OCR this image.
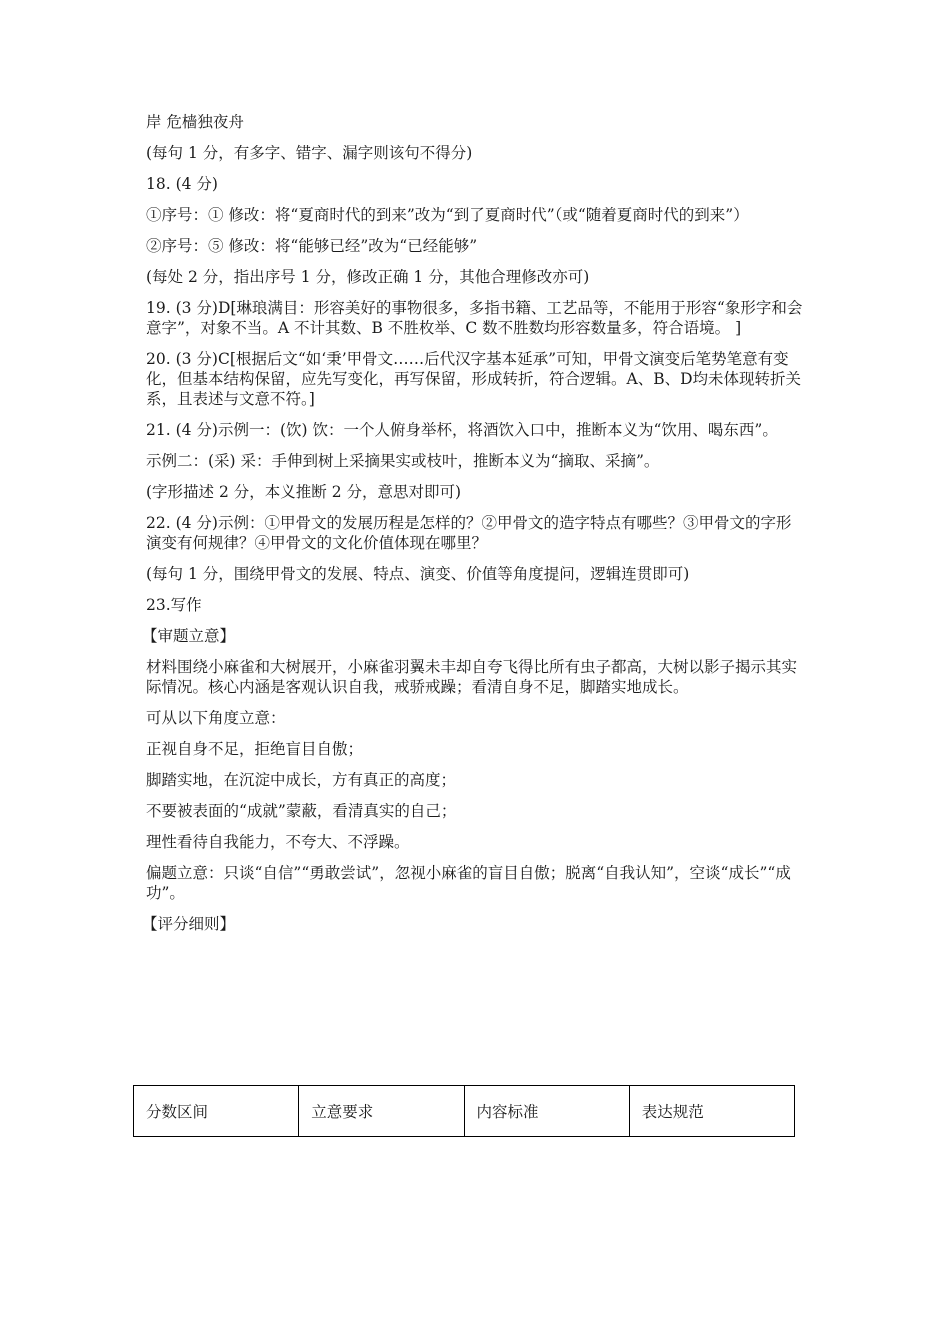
岸 危樯独夜舟

(每句 1 分，有多字、错字、漏字则该句不得分)

18. (4 分)

①序号：① 修改：将“夏商时代的到来”改为“到了夏商时代”（或“随着夏商时代的到来”）

②序号：⑤ 修改：将“能够已经”改为“已经能够”

(每处 2 分，指出序号 1 分，修改正确 1 分，其他合理修改亦可)

19. (3 分)D[琳琅满目：形容美好的事物很多，多指书籍、工艺品等，不能用于形容“象形字和会意字”，对象不当。A 不计其数、B 不胜枚举、C 数不胜数均形容数量多，符合语境。 ]

20. (3 分)C[根据后文“如‘秉’甲骨文……后代汉字基本延承”可知，甲骨文演变后笔势笔意有变化，但基本结构保留，应先写变化，再写保留，形成转折，符合逻辑。A、B、D均未体现转折关系，且表述与文意不符。]

21. (4 分)示例一：(饮) 饮：一个人俯身举杯，将酒饮入口中，推断本义为“饮用、喝东西”。

示例二：(采) 采：手伸到树上采摘果实或枝叶，推断本义为“摘取、采摘”。

(字形描述 2 分，本义推断 2 分，意思对即可)

22. (4 分)示例：①甲骨文的发展历程是怎样的？②甲骨文的造字特点有哪些？③甲骨文的字形演变有何规律？④甲骨文的文化价值体现在哪里？

(每句 1 分，围绕甲骨文的发展、特点、演变、价值等角度提问，逻辑连贯即可)

23.写作

【审题立意】

材料围绕小麻雀和大树展开，小麻雀羽翼未丰却自夸飞得比所有虫子都高，大树以影子揭示其实际情况。核心内涵是客观认识自我，戒骄戒躁；看清自身不足，脚踏实地成长。

可从以下角度立意：

正视自身不足，拒绝盲目自傲；

脚踏实地，在沉淀中成长，方有真正的高度；

不要被表面的“成就”蒙蔽，看清真实的自己；

理性看待自我能力，不夸大、不浮躁。

偏题立意：只谈“自信”“勇敢尝试”，忽视小麻雀的盲目自傲；脱离“自我认知”，空谈“成长”“成功”。

【评分细则】

分数区间	立意要求	内容标准	表达规范
